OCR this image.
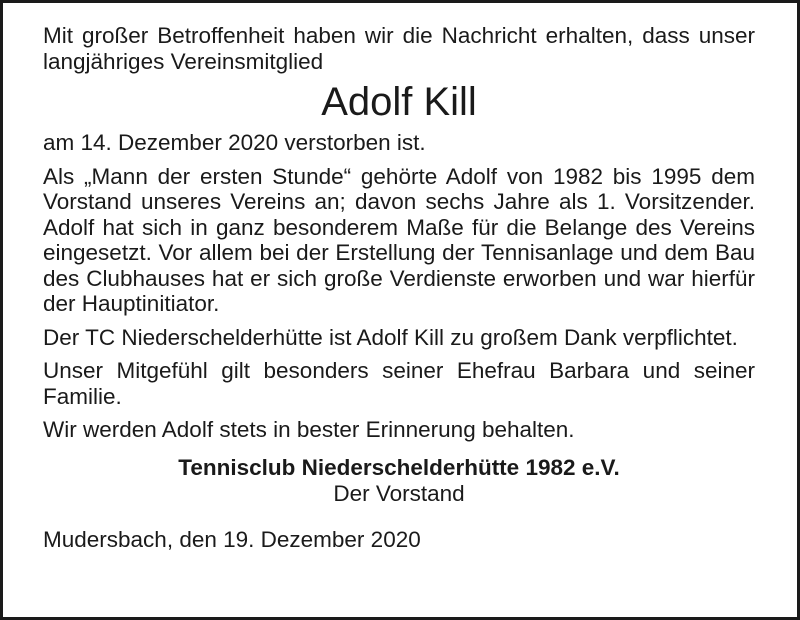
Mit großer Betroffenheit haben wir die Nachricht erhalten, dass unser langjähriges Vereinsmitglied

Adolf Kill

am 14. Dezember 2020 verstorben ist.

Als „Mann der ersten Stunde“ gehörte Adolf von 1982 bis 1995 dem Vorstand unseres Vereins an; davon sechs Jahre als 1. Vorsitzender. Adolf hat sich in ganz besonderem Maße für die Belange des Vereins eingesetzt. Vor allem bei der Erstellung der Tennisanlage und dem Bau des Clubhauses hat er sich große Verdienste erworben und war hierfür der Hauptinitiator.

Der TC Niederschelderhütte ist Adolf Kill zu großem Dank verpflichtet.

Unser Mitgefühl gilt besonders seiner Ehefrau Barbara und seiner Familie.

Wir werden Adolf stets in bester Erinnerung behalten.

Tennisclub Niederschelderhütte 1982 e.V.

Der Vorstand

Mudersbach, den 19. Dezember 2020
